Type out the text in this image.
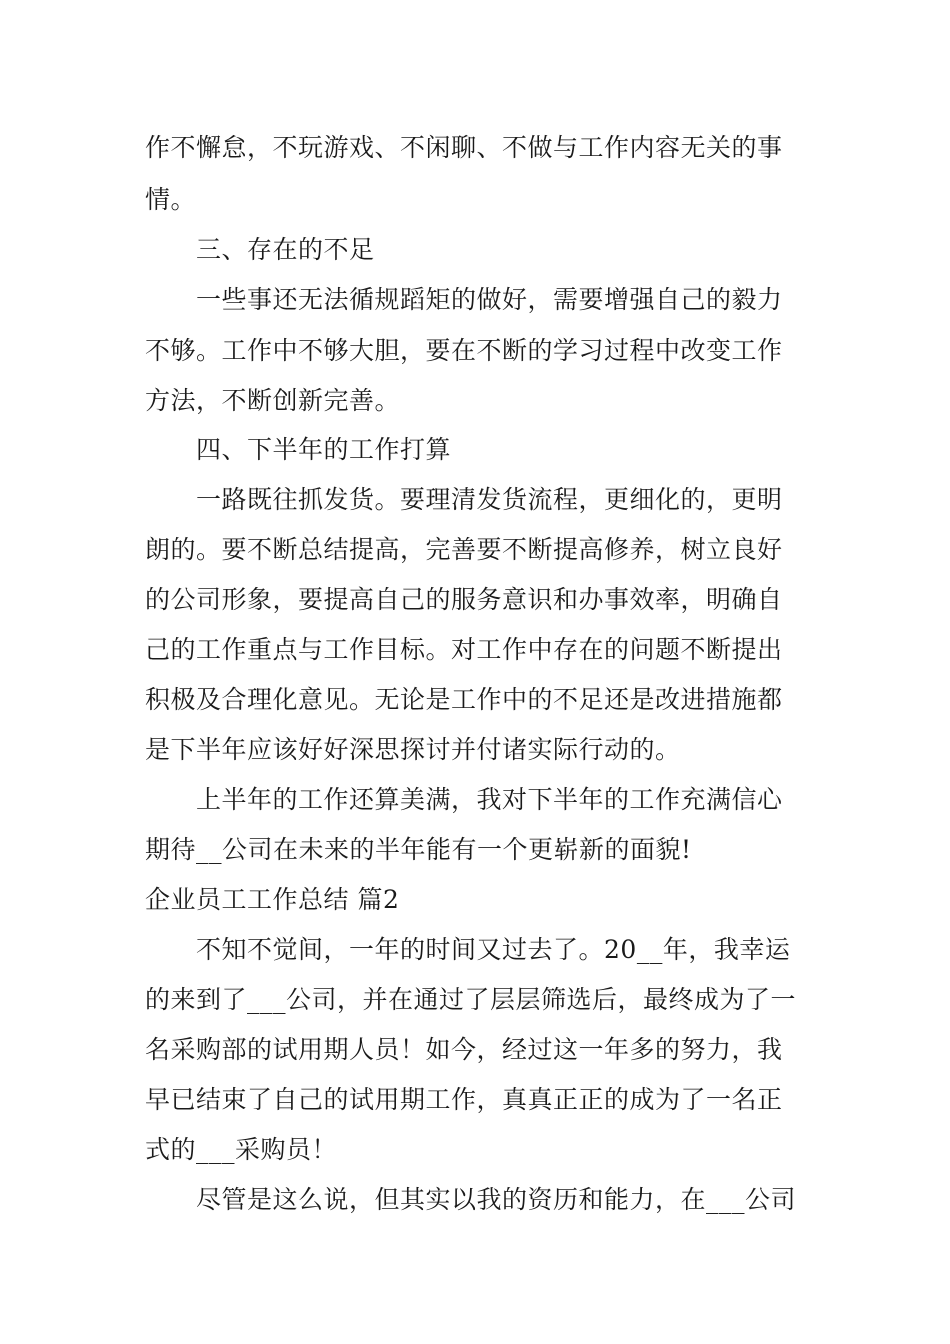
作不懈怠，不玩游戏、不闲聊、不做与工作内容无关的事
情。
三、存在的不足
一些事还无法循规蹈矩的做好，需要增强自己的毅力
不够。工作中不够大胆，要在不断的学习过程中改变工作
方法，不断创新完善。
四、下半年的工作打算
一路既往抓发货。要理清发货流程，更细化的，更明
朗的。要不断总结提高，完善要不断提高修养，树立良好
的公司形象，要提高自己的服务意识和办事效率，明确自
己的工作重点与工作目标。对工作中存在的问题不断提出
积极及合理化意见。无论是工作中的不足还是改进措施都
是下半年应该好好深思探讨并付诸实际行动的。
上半年的工作还算美满，我对下半年的工作充满信心
期待__公司在未来的半年能有一个更崭新的面貌!
企业员工工作总结 篇2
不知不觉间，一年的时间又过去了。20__年，我幸运
的来到了___公司，并在通过了层层筛选后，最终成为了一
名采购部的试用期人员！如今，经过这一年多的努力，我
早已结束了自己的试用期工作，真真正正的成为了一名正
式的___采购员！
尽管是这么说，但其实以我的资历和能力，在___公司
